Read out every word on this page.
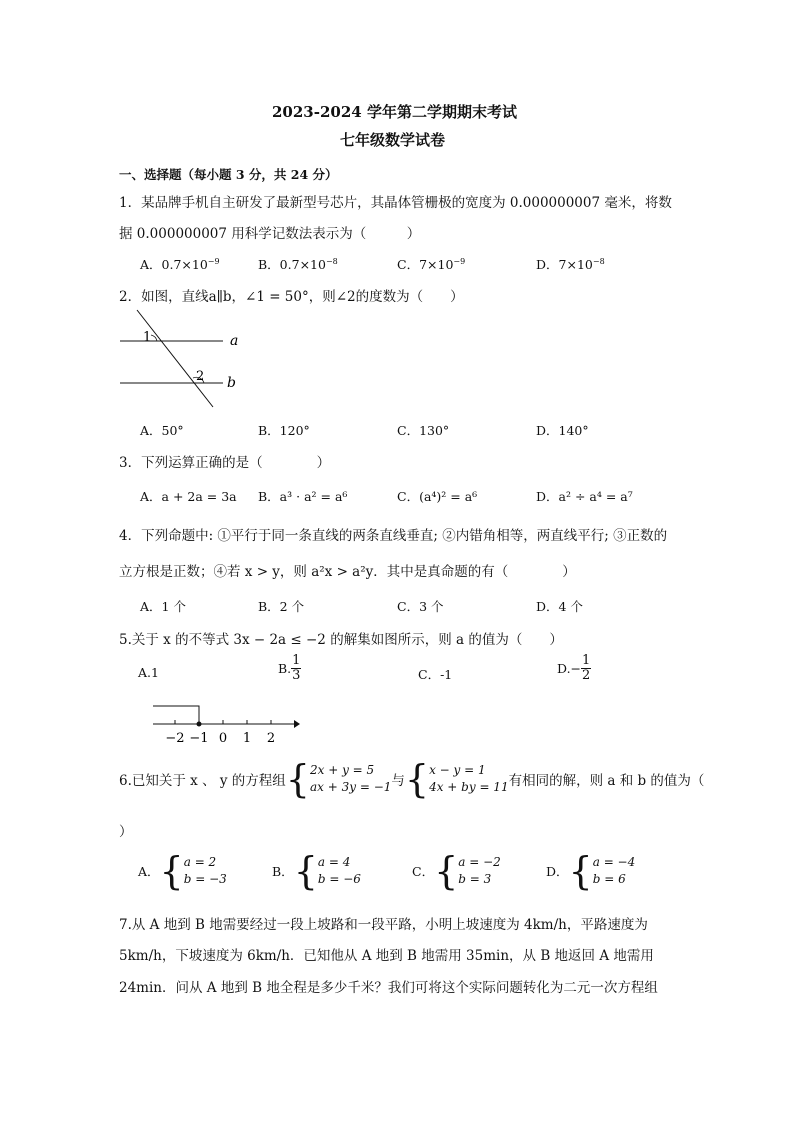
2023-2024 学年第二学期期末考试
七年级数学试卷
一、选择题（每小题 3 分，共 24 分）
1．某品牌手机自主研发了最新型号芯片，其晶体管栅极的宽度为 0.000000007 毫米，将数
据 0.000000007 用科学记数法表示为（　　　）
A．$0.7\times 10^{-9}$	B．$0.7\times 10^{-8}$	C．$7\times 10^{-9}$	D．$7\times 10^{-8}$
2．如图，直线a∥b，∠1 = 50°，则∠2的度数为（　　）
1
2
a
b
A．50°	B．120°	C．130°	D．140°
3．下列运算正确的是（　　　　）
A．a + 2a = 3a B．a³ · a² = a⁶	C．(a⁴)² = a⁶	D．a² ÷ a⁴ = a⁷
4．下列命题中: ①平行于同一条直线的两条直线垂直; ②内错角相等，两直线平行; ③正数的
立方根是正数；④若 x > y，则 a²x > a²y．其中是真命题的有（　　　　）
A．1 个	B．2 个	C．3 个	D．4 个
5.关于 x 的不等式 3x − 2a ≤ −2 的解集如图所示，则 a 的值为（　　）
A.1	B. $\frac{1}{3}$	C．-1	$D.- \frac{1}{2}$
−2 −1 0 1 2
6.已知关于 x 、 y 的方程组{ 2x + y = 5
ax + 3y = −1 与{ x − y = 1
4x + by = 11 有相同的解，则 a 和 b 的值为（
）
A．{ a = 2
b = −3	B．{ a = 4
b = −6	C．{ a = −2
b = 3	D．{ a = −4
b = 6
7.从 A 地到 B 地需要经过一段上坡路和一段平路，小明上坡速度为 4km/h，平路速度为
5km/h，下坡速度为 6km/h．已知他从 A 地到 B 地需用 35min，从 B 地返回 A 地需用
24min．问从 A 地到 B 地全程是多少千米？我们可将这个实际问题转化为二元一次方程组
